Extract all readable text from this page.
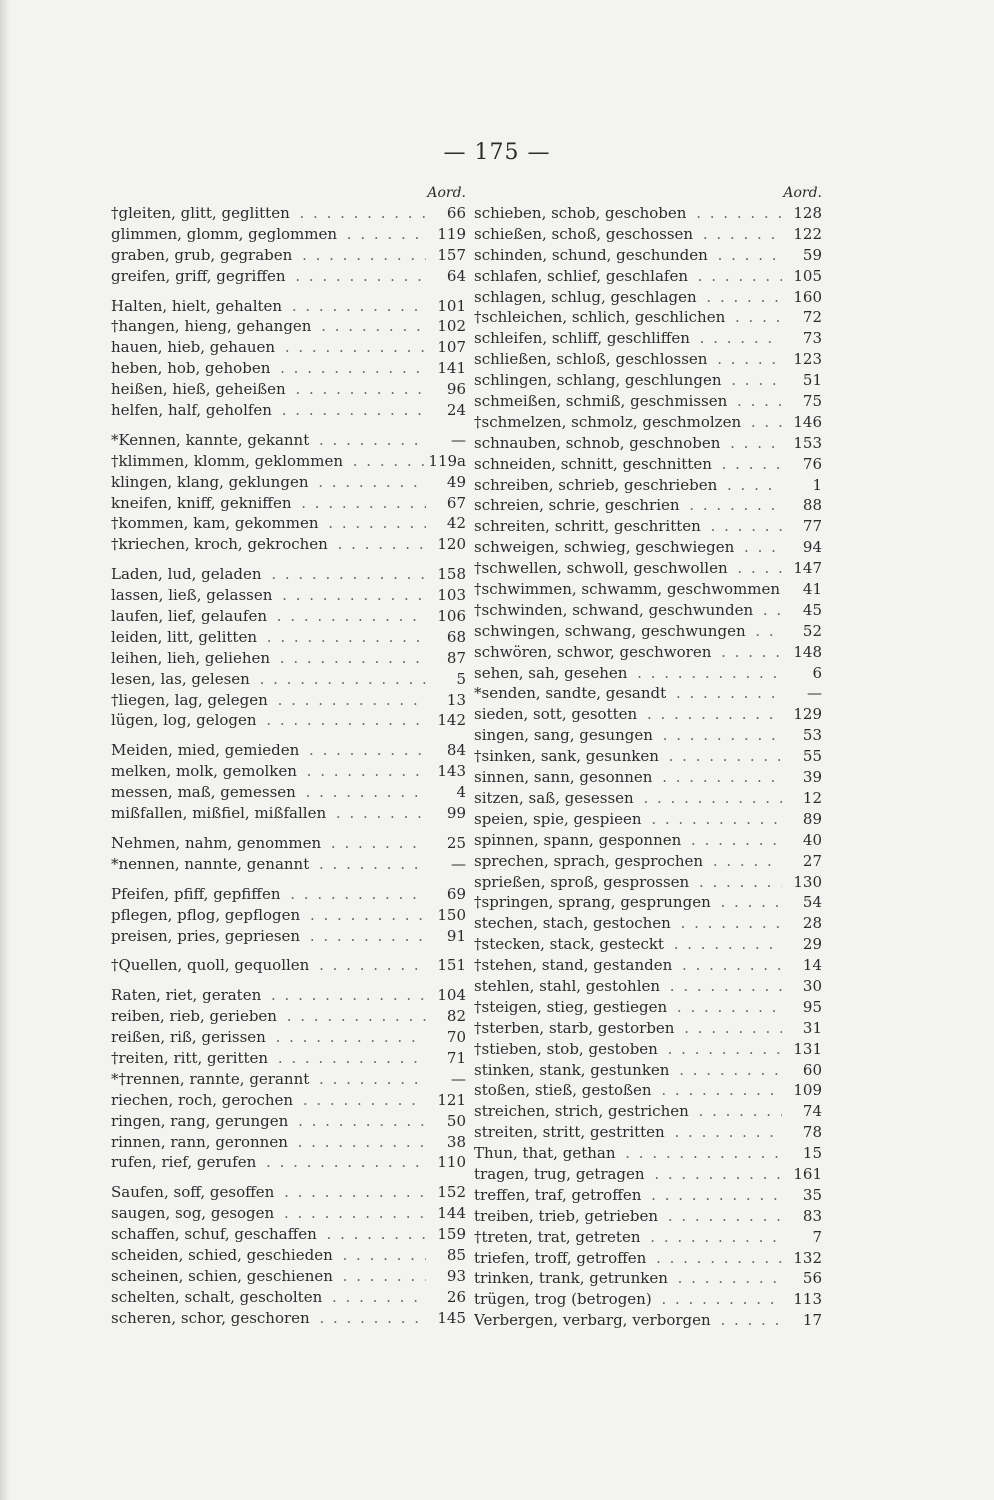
— 175 —
Aord.
†gleiten, glitt, geglitten . . .	66
glimmen, glomm, geglommen . . .	119
graben, grub, gegraben . . .	157
greifen, griff, gegriffen . . .	64
Halten, hielt, gehalten . . .	101
†hangen, hieng, gehangen . . .	102
hauen, hieb, gehauen . . .	107
heben, hob, gehoben . . .	141
heißen, hieß, geheißen . . .	96
helfen, half, geholfen . . .	24
*Kennen, kannte, gekannt . . .	—
†klimmen, klomm, geklommen . . .	119a
klingen, klang, geklungen . . .	49
kneifen, kniff, gekniffen . . .	67
†kommen, kam, gekommen . . .	42
†kriechen, kroch, gekrochen . . .	120
Laden, lud, geladen . . .	158
lassen, ließ, gelassen . . .	103
laufen, lief, gelaufen . . .	106
leiden, litt, gelitten . . .	68
leihen, lieh, geliehen . . .	87
lesen, las, gelesen . . .	5
†liegen, lag, gelegen . . .	13
lügen, log, gelogen . . .	142
Meiden, mied, gemieden . . .	84
melken, molk, gemolken . . .	143
messen, maß, gemessen . . .	4
mißfallen, mißfiel, mißfallen . . .	99
Nehmen, nahm, genommen . . .	25
*nennen, nannte, genannt . . .	—
Pfeifen, pfiff, gepfiffen . . .	69
pflegen, pflog, gepflogen . . .	150
preisen, pries, gepriesen . . .	91
†Quellen, quoll, gequollen . . .	151
Raten, riet, geraten . . .	104
reiben, rieb, gerieben . . .	82
reißen, riß, gerissen . . .	70
†reiten, ritt, geritten . . .	71
*†rennen, rannte, gerannt . . .	—
riechen, roch, gerochen . . .	121
ringen, rang, gerungen . . .	50
rinnen, rann, geronnen . . .	38
rufen, rief, gerufen . . .	110
Saufen, soff, gesoffen . . .	152
saugen, sog, gesogen . . .	144
schaffen, schuf, geschaffen . . .	159
scheiden, schied, geschieden . . .	85
scheinen, schien, geschienen . . .	93
schelten, schalt, gescholten . . .	26
scheren, schor, geschoren . . .	145
Aord.
schieben, schob, geschoben . . .	128
schießen, schoß, geschossen . . .	122
schinden, schund, geschunden . . .	59
schlafen, schlief, geschlafen . . .	105
schlagen, schlug, geschlagen . . .	160
†schleichen, schlich, geschlichen . . .	72
schleifen, schliff, geschliffen . . .	73
schließen, schloß, geschlossen . . .	123
schlingen, schlang, geschlungen . . .	51
schmeißen, schmiß, geschmissen . . .	75
†schmelzen, schmolz, geschmolzen . . .	146
schnauben, schnob, geschnoben . . .	153
schneiden, schnitt, geschnitten . . .	76
schreiben, schrieb, geschrieben . . .	1
schreien, schrie, geschrien . . .	88
schreiten, schritt, geschritten . . .	77
schweigen, schwieg, geschwiegen . . .	94
†schwellen, schwoll, geschwollen . . .	147
†schwimmen, schwamm, geschwommen . . .	41
†schwinden, schwand, geschwunden . . .	45
schwingen, schwang, geschwungen . . .	52
schwören, schwor, geschworen . . .	148
sehen, sah, gesehen . . .	6
*senden, sandte, gesandt . . .	—
sieden, sott, gesotten . . .	129
singen, sang, gesungen . . .	53
†sinken, sank, gesunken . . .	55
sinnen, sann, gesonnen . . .	39
sitzen, saß, gesessen . . .	12
speien, spie, gespieen . . .	89
spinnen, spann, gesponnen . . .	40
sprechen, sprach, gesprochen . . .	27
sprießen, sproß, gesprossen . . .	130
†springen, sprang, gesprungen . . .	54
stechen, stach, gestochen . . .	28
†stecken, stack, gesteckt . . .	29
†stehen, stand, gestanden . . .	14
stehlen, stahl, gestohlen . . .	30
†steigen, stieg, gestiegen . . .	95
†sterben, starb, gestorben . . .	31
†stieben, stob, gestoben . . .	131
stinken, stank, gestunken . . .	60
stoßen, stieß, gestoßen . . .	109
streichen, strich, gestrichen . . .	74
streiten, stritt, gestritten . . .	78
Thun, that, gethan . . .	15
tragen, trug, getragen . . .	161
treffen, traf, getroffen . . .	35
treiben, trieb, getrieben . . .	83
†treten, trat, getreten . . .	7
triefen, troff, getroffen . . .	132
trinken, trank, getrunken . . .	56
trügen, trog (betrogen) . . .	113
Verbergen, verbarg, verborgen . . .	17
